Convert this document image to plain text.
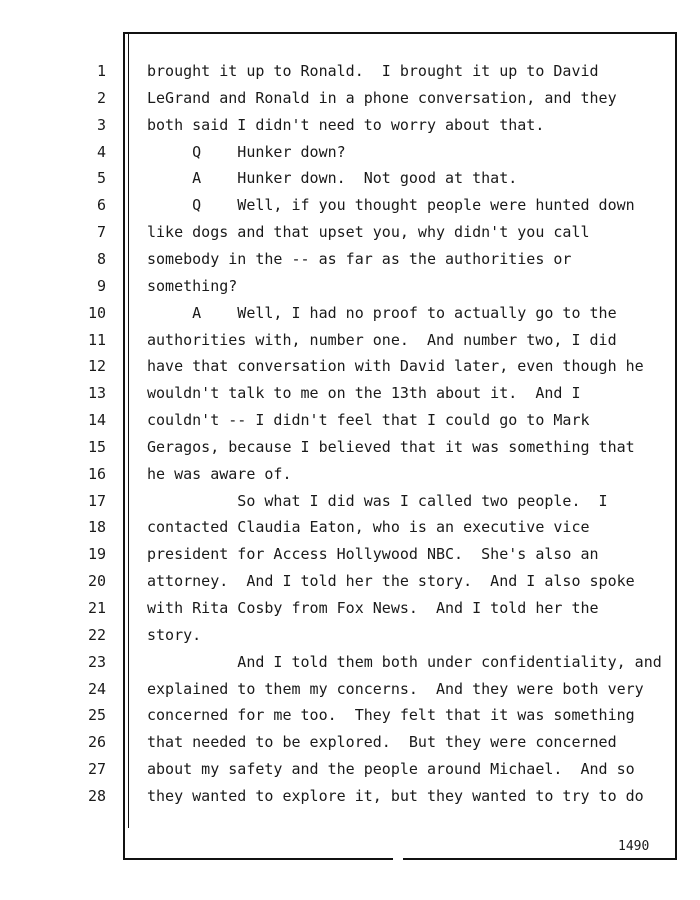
1	brought it up to Ronald.  I brought it up to David
2	LeGrand and Ronald in a phone conversation, and they
3	both said I didn't need to worry about that.
4	Q    Hunker down?
5	A    Hunker down.  Not good at that.
6	Q    Well, if you thought people were hunted down
7	like dogs and that upset you, why didn't you call
8	somebody in the -- as far as the authorities or
9	something?
10	A    Well, I had no proof to actually go to the
11	authorities with, number one.  And number two, I did
12	have that conversation with David later, even though he
13	wouldn't talk to me on the 13th about it.  And I
14	couldn't -- I didn't feel that I could go to Mark
15	Geragos, because I believed that it was something that
16	he was aware of.
17	So what I did was I called two people.  I
18	contacted Claudia Eaton, who is an executive vice
19	president for Access Hollywood NBC.  She's also an
20	attorney.  And I told her the story.  And I also spoke
21	with Rita Cosby from Fox News.  And I told her the
22	story.
23	And I told them both under confidentiality, and
24	explained to them my concerns.  And they were both very
25	concerned for me too.  They felt that it was something
26	that needed to be explored.  But they were concerned
27	about my safety and the people around Michael.  And so
28	they wanted to explore it, but they wanted to try to do
1490
